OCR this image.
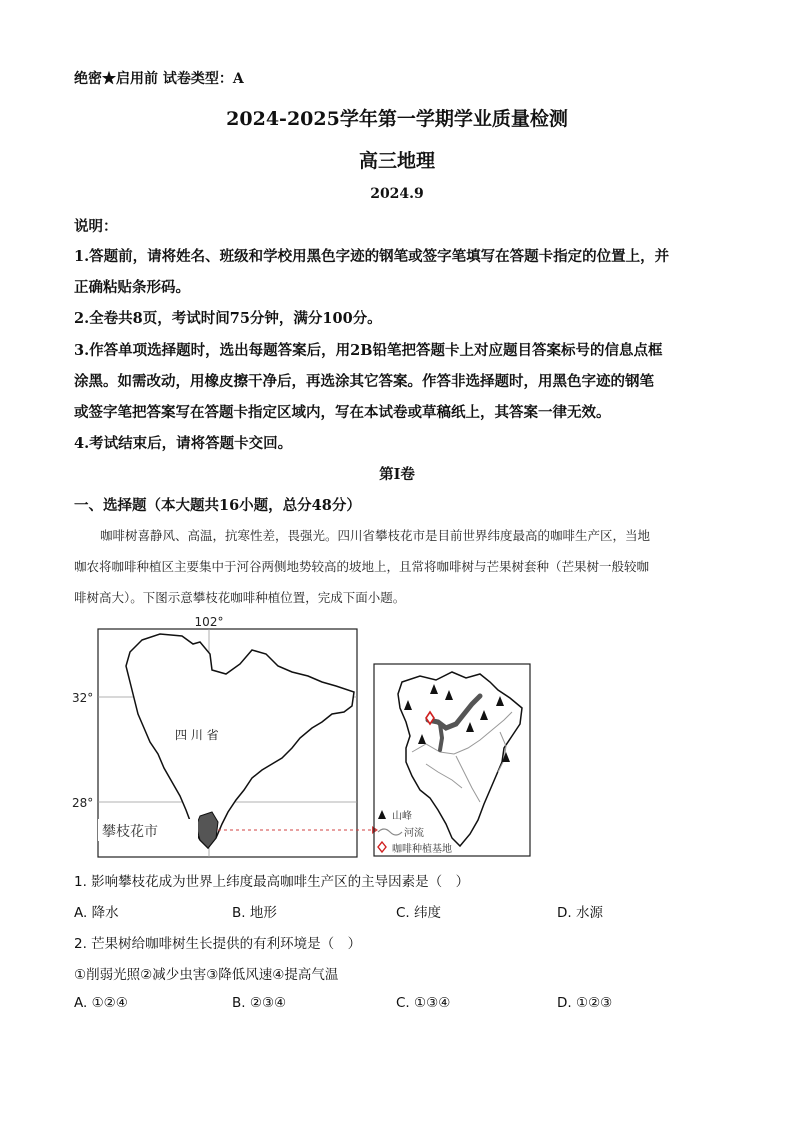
绝密★启用前 试卷类型：A
2024-2025学年第一学期学业质量检测
高三地理
2024.9
说明：
1.答题前，请将姓名、班级和学校用黑色字迹的钢笔或签字笔填写在答题卡指定的位置上，并
正确粘贴条形码。
2.全卷共8页，考试时间75分钟，满分100分。
3.作答单项选择题时，选出每题答案后，用2B铅笔把答题卡上对应题目答案标号的信息点框
涂黑。如需改动，用橡皮擦干净后，再选涂其它答案。作答非选择题时，用黑色字迹的钢笔
或签字笔把答案写在答题卡指定区域内，写在本试卷或草稿纸上，其答案一律无效。
4.考试结束后，请将答题卡交回。
第Ⅰ卷
一、选择题（本大题共16小题，总分48分）
咖啡树喜静风、高温，抗寒性差，畏强光。四川省攀枝花市是目前世界纬度最高的咖啡生产区，当地
咖农将咖啡种植区主要集中于河谷两侧地势较高的坡地上，且常将咖啡树与芒果树套种（芒果树一般较咖
啡树高大）。下图示意攀枝花咖啡种植位置，完成下面小题。
102°
32°
28°
四 川 省
攀枝花市
山峰
河流
咖啡种植基地
1. 影响攀枝花成为世界上纬度最高咖啡生产区的主导因素是（　）
A. 降水	B. 地形	C. 纬度	D. 水源
2. 芒果树给咖啡树生长提供的有利环境是（　）
①削弱光照②减少虫害③降低风速④提高气温
A. ①②④	B. ②③④	C. ①③④	D. ①②③
